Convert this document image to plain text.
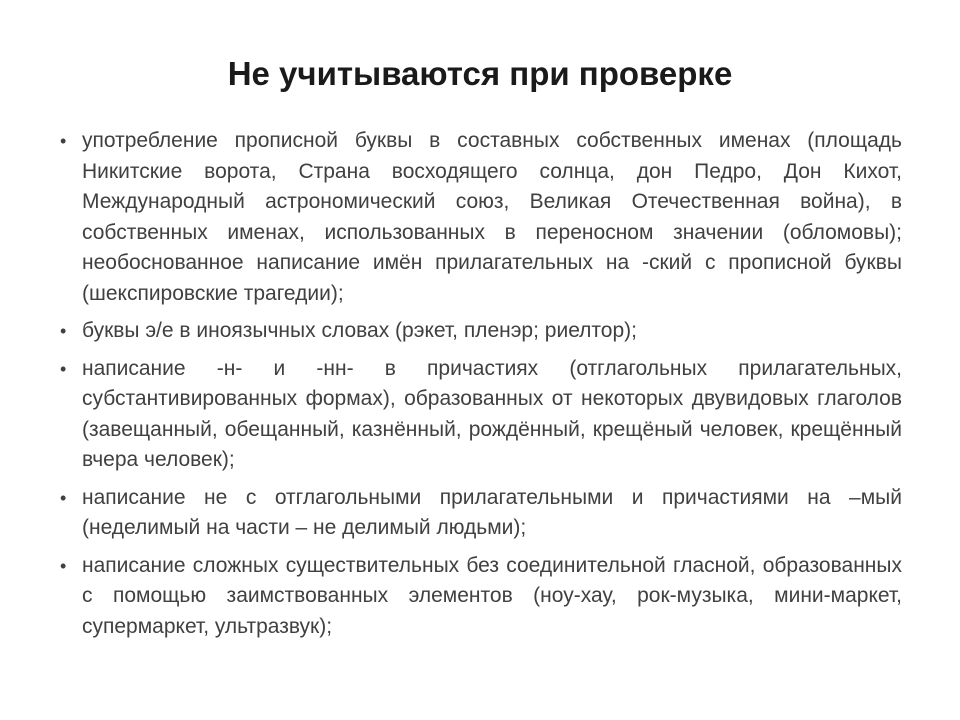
Не учитываются при проверке
• употребление прописной буквы в составных собственных именах (площадь Никитские ворота, Страна восходящего солнца, дон Педро, Дон Кихот, Международный астрономический союз, Великая Отечественная война), в собственных именах, использованных в переносном значении (обломовы); необоснованное написание имён прилагательных на -ский с прописной буквы (шекспировские трагедии);
• буквы э/е в иноязычных словах (рэкет, пленэр; риелтор);
• написание -н- и -нн- в причастиях (отглагольных прилагательных, субстантивированных формах), образованных от некоторых двувидовых глаголов (завещанный, обещанный, казнённый, рождённый, крещёный человек, крещённый вчера человек);
• написание не с отглагольными прилагательными и причастиями на –мый (неделимый на части – не делимый людьми);
• написание сложных существительных без соединительной гласной, образованных с помощью заимствованных элементов (ноу-хау, рок-музыка, мини-маркет, супермаркет, ультразвук);
